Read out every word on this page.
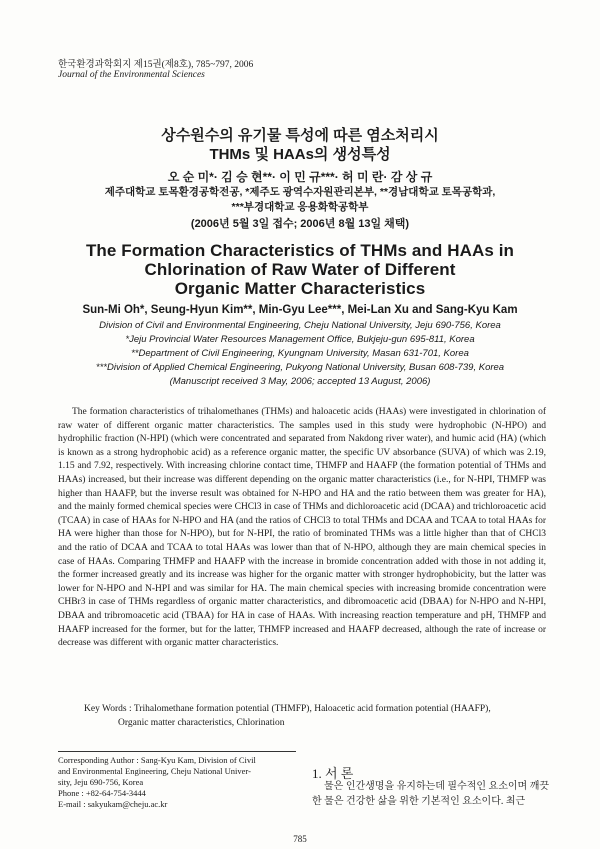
한국환경과학회지 제15권(제8호), 785~797, 2006
Journal of the Environmental Sciences
상수원수의 유기물 특성에 따른 염소처리시
THMs 및 HAAs의 생성특성
오 순 미*· 김 승 현**· 이 민 규***· 허 미 란· 감 상 규
제주대학교 토목환경공학전공, *제주도 광역수자원관리본부, **경남대학교 토목공학과,
***부경대학교 응용화학공학부
(2006년 5월 3일 접수; 2006년 8월 13일 채택)
The Formation Characteristics of THMs and HAAs in
Chlorination of Raw Water of Different
Organic Matter Characteristics
Sun-Mi Oh*, Seung-Hyun Kim**, Min-Gyu Lee***, Mei-Lan Xu and Sang-Kyu Kam
Division of Civil and Environmental Engineering, Cheju National University, Jeju 690-756, Korea
*Jeju Provincial Water Resources Management Office, Bukjeju-gun 695-811, Korea
**Department of Civil Engineering, Kyungnam University, Masan 631-701, Korea
***Division of Applied Chemical Engineering, Pukyong National University, Busan 608-739, Korea
(Manuscript received 3 May, 2006; accepted 13 August, 2006)

The formation characteristics of trihalomethanes (THMs) and haloacetic acids (HAAs) were investigated in chlorination of raw water of different organic matter characteristics. The samples used in this study were hydrophobic (N-HPO) and hydrophilic fraction (N-HPI) (which were concentrated and separated from Nakdong river water), and humic acid (HA) (which is known as a strong hydrophobic acid) as a reference organic matter, the specific UV absorbance (SUVA) of which was 2.19, 1.15 and 7.92, respectively. With increasing chlorine contact time, THMFP and HAAFP (the formation potential of THMs and HAAs) increased, but their increase was different depending on the organic matter characteristics (i.e., for N-HPI, THMFP was higher than HAAFP, but the inverse result was obtained for N-HPO and HA and the ratio between them was greater for HA), and the mainly formed chemical species were CHCl3 in case of THMs and dichloroacetic acid (DCAA) and trichloroacetic acid (TCAA) in case of HAAs for N-HPO and HA (and the ratios of CHCl3 to total THMs and DCAA and TCAA to total HAAs for HA were higher than those for N-HPO), but for N-HPI, the ratio of brominated THMs was a little higher than that of CHCl3 and the ratio of DCAA and TCAA to total HAAs was lower than that of N-HPO, although they are main chemical species in case of HAAs. Comparing THMFP and HAAFP with the increase in bromide concentration added with those in not adding it, the former increased greatly and its increase was higher for the organic matter with stronger hydrophobicity, but the latter was lower for N-HPO and N-HPI and was similar for HA. The main chemical species with increasing bromide concentration were CHBr3 in case of THMs regardless of organic matter characteristics, and dibromoacetic acid (DBAA) for N-HPO and N-HPI, DBAA and tribromoacetic acid (TBAA) for HA in case of HAAs. With increasing reaction temperature and pH, THMFP and HAAFP increased for the former, but for the latter, THMFP increased and HAAFP decreased, although the rate of increase or decrease was different with organic matter characteristics.

Key Words : Trihalomethane formation potential (THMFP), Haloacetic acid formation potential (HAAFP),
Organic matter characteristics, Chlorination

Corresponding Author : Sang-Kyu Kam, Division of Civil
and Environmental Engineering, Cheju National Univer-
sity, Jeju 690-756, Korea
Phone : +82-64-754-3444
E-mail : sakyukam@cheju.ac.kr

1. 서 론

물은 인간생명을 유지하는데 필수적인 요소이며 깨끗한 물은 건강한 삶을 위한 기본적인 요소이다. 최근

785
